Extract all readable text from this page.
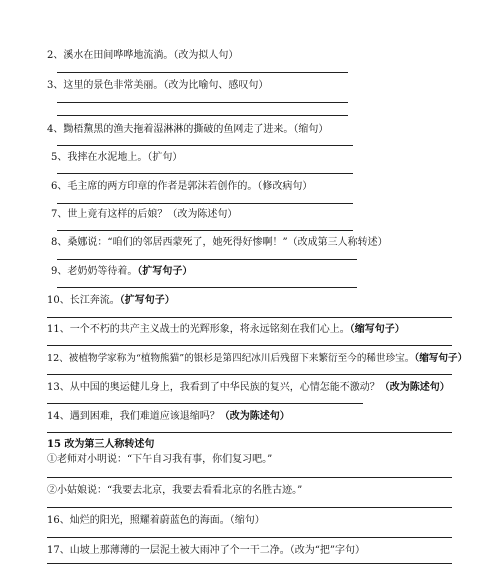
2、溪水在田间哗哗地流淌。（改为拟人句）
3、这里的景色非常美丽。（改为比喻句、感叹句）
4、黝梧黧黑的渔夫拖着湿淋淋的撕破的鱼网走了进来。（缩句）
5、我摔在水泥地上。（扩句）
6、毛主席的两方印章的作者是郭沫若创作的。（修改病句）
7、世上竟有这样的后娘？（改为陈述句）
8、桑娜说：“咱们的邻居西蒙死了，她死得好惨啊！”（改成第三人称转述）
9、老奶奶等待着。（扩写句子）
10、长江奔流。（扩写句子）
11、一个不朽的共产主义战士的光辉形象，将永远铭刻在我们心上。（缩写句子）
12、被植物学家称为“植物熊猫”的银杉是第四纪冰川后残留下来繁衍至今的稀世珍宝。（缩写句子）
13、从中国的奥运健儿身上，我看到了中华民族的复兴，心情怎能不激动？（改为陈述句）
14、遇到困难，我们难道应该退缩吗？（改为陈述句）
15 改为第三人称转述句
①老师对小明说：“下午自习我有事，你们复习吧。”
②小姑娘说：“我要去北京，我要去看看北京的名胜古迹。”
16、灿烂的阳光，照耀着蔚蓝色的海面。（缩句）
17、山坡上那薄薄的一层泥土被大雨冲了个一干二净。（改为“把”字句）
